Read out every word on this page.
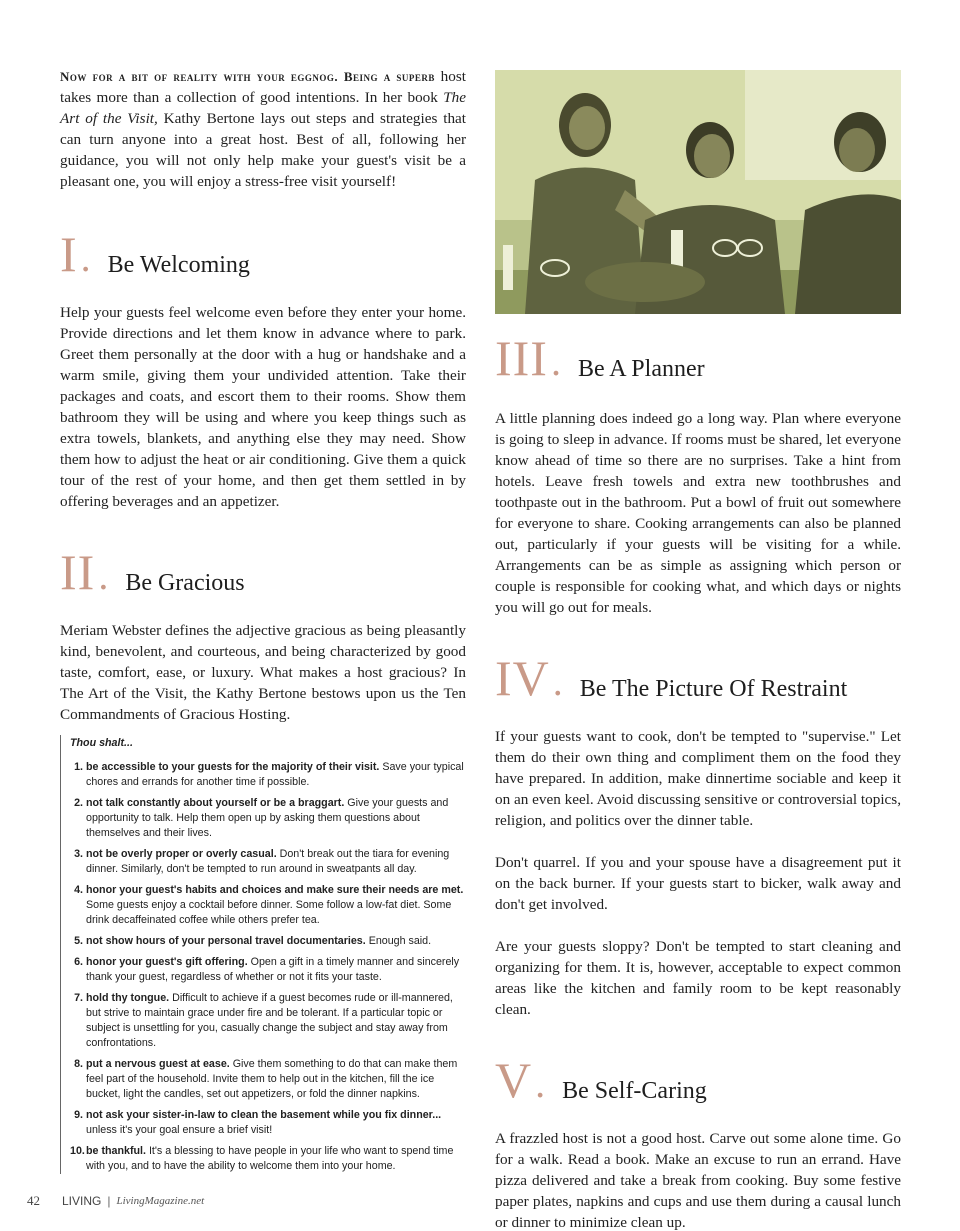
Now for a bit of reality with your eggnog. Being a superb host takes more than a collection of good intentions. In her book The Art of the Visit, Kathy Bertone lays out steps and strategies that can turn anyone into a great host. Best of all, following her guidance, you will not only help make your guest's visit be a pleasant one, you will enjoy a stress-free visit yourself!

I. Be Welcoming

Help your guests feel welcome even before they enter your home. Provide directions and let them know in advance where to park. Greet them personally at the door with a hug or handshake and a warm smile, giving them your undivided attention. Take their packages and coats, and escort them to their rooms. Show them bathroom they will be using and where you keep things such as extra towels, blankets, and anything else they may need. Show them how to adjust the heat or air conditioning. Give them a quick tour of the rest of your home, and then get them settled in by offering beverages and an appetizer.

II. Be Gracious

Meriam Webster defines the adjective gracious as being pleasantly kind, benevolent, and courteous, and being characterized by good taste, comfort, ease, or luxury. What makes a host gracious? In The Art of the Visit, the Kathy Bertone bestows upon us the Ten Commandments of Gracious Hosting.

Thou shalt...
1. be accessible to your guests for the majority of their visit. Save your typical chores and errands for another time if possible.
2. not talk constantly about yourself or be a braggart. Give your guests and opportunity to talk. Help them open up by asking them questions about themselves and their lives.
3. not be overly proper or overly casual. Don't break out the tiara for evening dinner. Similarly, don't be tempted to run around in sweatpants all day.
4. honor your guest's habits and choices and make sure their needs are met. Some guests enjoy a cocktail before dinner. Some follow a low-fat diet. Some drink decaffeinated coffee while others prefer tea.
5. not show hours of your personal travel documentaries. Enough said.
6. honor your guest's gift offering. Open a gift in a timely manner and sincerely thank your guest, regardless of whether or not it fits your taste.
7. hold thy tongue. Difficult to achieve if a guest becomes rude or ill-mannered, but strive to maintain grace under fire and be tolerant. If a particular topic or subject is unsettling for you, casually change the subject and stay away from confrontations.
8. put a nervous guest at ease. Give them something to do that can make them feel part of the household. Invite them to help out in the kitchen, fill the ice bucket, light the candles, set out appetizers, or fold the dinner napkins.
9. not ask your sister-in-law to clean the basement while you fix dinner... unless it's your goal ensure a brief visit!
10. be thankful. It's a blessing to have people in your life who want to spend time with you, and to have the ability to welcome them into your home.
III. Be A Planner

A little planning does indeed go a long way. Plan where everyone is going to sleep in advance. If rooms must be shared, let everyone know ahead of time so there are no surprises. Take a hint from hotels. Leave fresh towels and extra new toothbrushes and toothpaste out in the bathroom. Put a bowl of fruit out somewhere for everyone to share. Cooking arrangements can also be planned out, particularly if your guests will be visiting for a while. Arrangements can be as simple as assigning which person or couple is responsible for cooking what, and which days or nights you will go out for meals.

IV. Be The Picture Of Restraint

If your guests want to cook, don't be tempted to "supervise." Let them do their own thing and compliment them on the food they have prepared. In addition, make dinnertime sociable and keep it on an even keel. Avoid discussing sensitive or controversial topics, religion, and politics over the dinner table.

Don't quarrel. If you and your spouse have a disagreement put it on the back burner. If your guests start to bicker, walk away and don't get involved.

Are your guests sloppy? Don't be tempted to start cleaning and organizing for them. It is, however, acceptable to expect common areas like the kitchen and family room to be kept reasonably clean.

V. Be Self-Caring

A frazzled host is not a good host. Carve out some alone time. Go for a walk. Read a book. Make an excuse to run an errand. Have pizza delivered and take a break from cooking. Buy some festive paper plates, napkins and cups and use them during a causal lunch or dinner to minimize clean up.

42 LIVING | LivingMagazine.net
